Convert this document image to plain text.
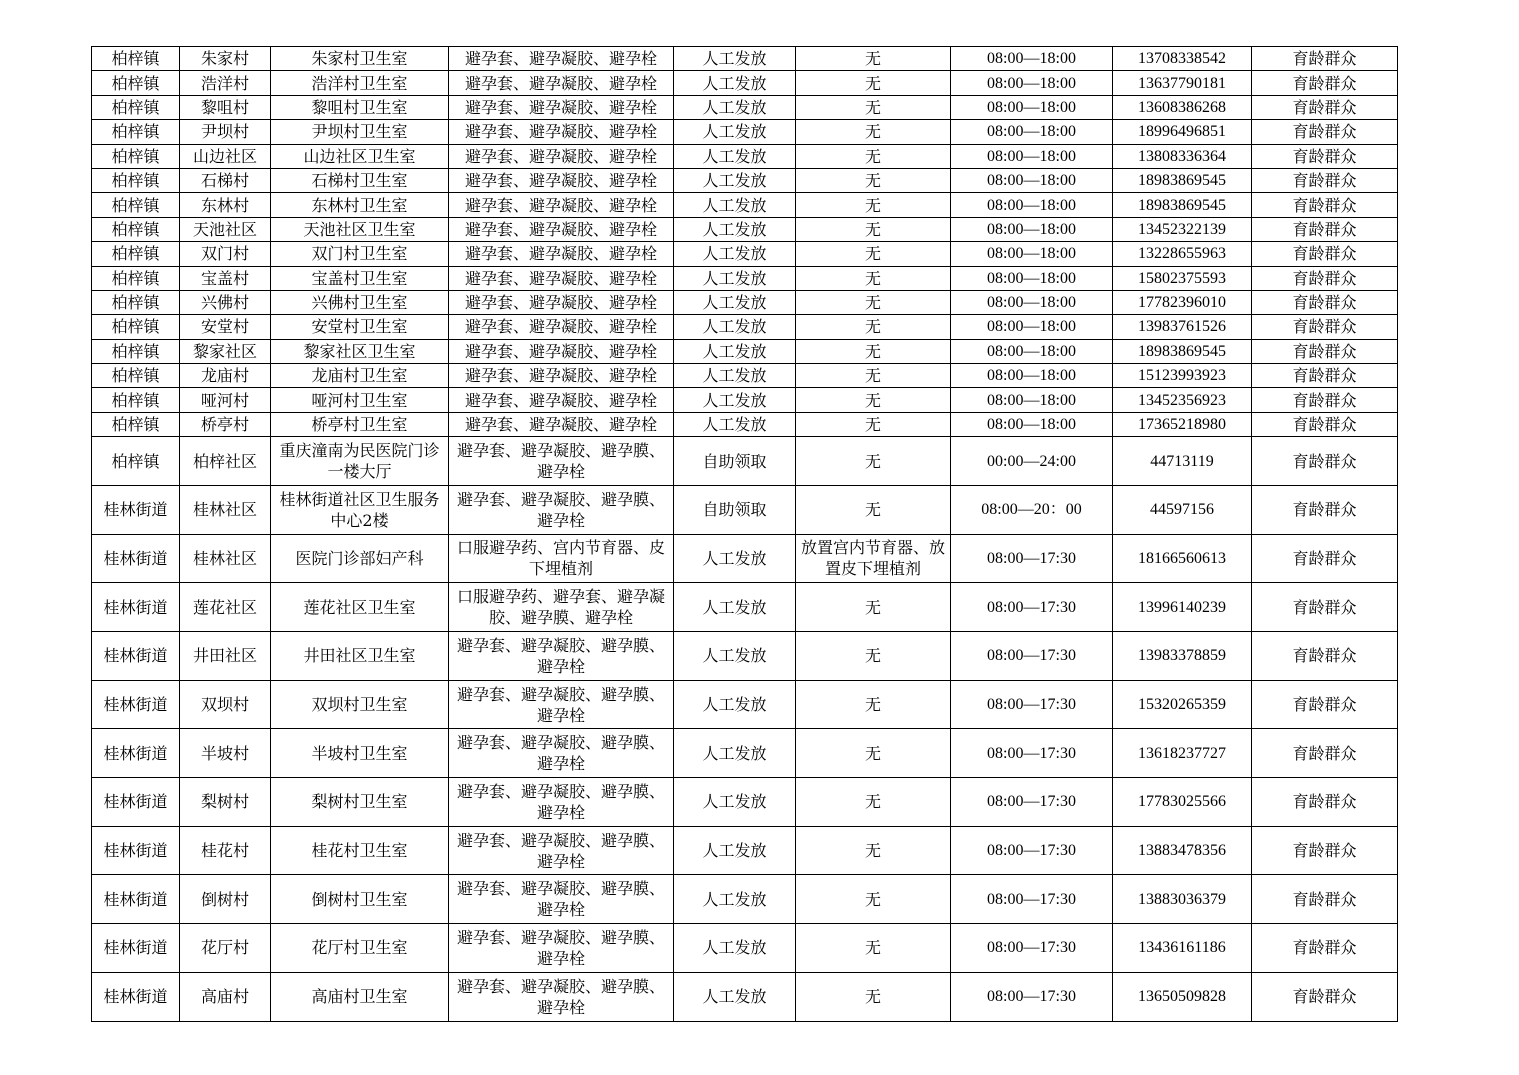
柏梓镇	朱家村	朱家村卫生室	避孕套、避孕凝胶、避孕栓	人工发放	无	08:00—18:00	13708338542	育龄群众
柏梓镇	浩洋村	浩洋村卫生室	避孕套、避孕凝胶、避孕栓	人工发放	无	08:00—18:00	13637790181	育龄群众
柏梓镇	黎咀村	黎咀村卫生室	避孕套、避孕凝胶、避孕栓	人工发放	无	08:00—18:00	13608386268	育龄群众
柏梓镇	尹坝村	尹坝村卫生室	避孕套、避孕凝胶、避孕栓	人工发放	无	08:00—18:00	18996496851	育龄群众
柏梓镇	山边社区	山边社区卫生室	避孕套、避孕凝胶、避孕栓	人工发放	无	08:00—18:00	13808336364	育龄群众
柏梓镇	石梯村	石梯村卫生室	避孕套、避孕凝胶、避孕栓	人工发放	无	08:00—18:00	18983869545	育龄群众
柏梓镇	东林村	东林村卫生室	避孕套、避孕凝胶、避孕栓	人工发放	无	08:00—18:00	18983869545	育龄群众
柏梓镇	天池社区	天池社区卫生室	避孕套、避孕凝胶、避孕栓	人工发放	无	08:00—18:00	13452322139	育龄群众
柏梓镇	双门村	双门村卫生室	避孕套、避孕凝胶、避孕栓	人工发放	无	08:00—18:00	13228655963	育龄群众
柏梓镇	宝盖村	宝盖村卫生室	避孕套、避孕凝胶、避孕栓	人工发放	无	08:00—18:00	15802375593	育龄群众
柏梓镇	兴佛村	兴佛村卫生室	避孕套、避孕凝胶、避孕栓	人工发放	无	08:00—18:00	17782396010	育龄群众
柏梓镇	安堂村	安堂村卫生室	避孕套、避孕凝胶、避孕栓	人工发放	无	08:00—18:00	13983761526	育龄群众
柏梓镇	黎家社区	黎家社区卫生室	避孕套、避孕凝胶、避孕栓	人工发放	无	08:00—18:00	18983869545	育龄群众
柏梓镇	龙庙村	龙庙村卫生室	避孕套、避孕凝胶、避孕栓	人工发放	无	08:00—18:00	15123993923	育龄群众
柏梓镇	哑河村	哑河村卫生室	避孕套、避孕凝胶、避孕栓	人工发放	无	08:00—18:00	13452356923	育龄群众
柏梓镇	桥亭村	桥亭村卫生室	避孕套、避孕凝胶、避孕栓	人工发放	无	08:00—18:00	17365218980	育龄群众
柏梓镇	柏梓社区	重庆潼南为民医院门诊一楼大厅	避孕套、避孕凝胶、避孕膜、避孕栓	自助领取	无	00:00—24:00	44713119	育龄群众
桂林街道	桂林社区	桂林街道社区卫生服务中心2楼	避孕套、避孕凝胶、避孕膜、避孕栓	自助领取	无	08:00—20：00	44597156	育龄群众
桂林街道	桂林社区	医院门诊部妇产科	口服避孕药、宫内节育器、皮下埋植剂	人工发放	放置宫内节育器、放置皮下埋植剂	08:00—17:30	18166560613	育龄群众
桂林街道	莲花社区	莲花社区卫生室	口服避孕药、避孕套、避孕凝胶、避孕膜、避孕栓	人工发放	无	08:00—17:30	13996140239	育龄群众
桂林街道	井田社区	井田社区卫生室	避孕套、避孕凝胶、避孕膜、避孕栓	人工发放	无	08:00—17:30	13983378859	育龄群众
桂林街道	双坝村	双坝村卫生室	避孕套、避孕凝胶、避孕膜、避孕栓	人工发放	无	08:00—17:30	15320265359	育龄群众
桂林街道	半坡村	半坡村卫生室	避孕套、避孕凝胶、避孕膜、避孕栓	人工发放	无	08:00—17:30	13618237727	育龄群众
桂林街道	梨树村	梨树村卫生室	避孕套、避孕凝胶、避孕膜、避孕栓	人工发放	无	08:00—17:30	17783025566	育龄群众
桂林街道	桂花村	桂花村卫生室	避孕套、避孕凝胶、避孕膜、避孕栓	人工发放	无	08:00—17:30	13883478356	育龄群众
桂林街道	倒树村	倒树村卫生室	避孕套、避孕凝胶、避孕膜、避孕栓	人工发放	无	08:00—17:30	13883036379	育龄群众
桂林街道	花厅村	花厅村卫生室	避孕套、避孕凝胶、避孕膜、避孕栓	人工发放	无	08:00—17:30	13436161186	育龄群众
桂林街道	高庙村	高庙村卫生室	避孕套、避孕凝胶、避孕膜、避孕栓	人工发放	无	08:00—17:30	13650509828	育龄群众
